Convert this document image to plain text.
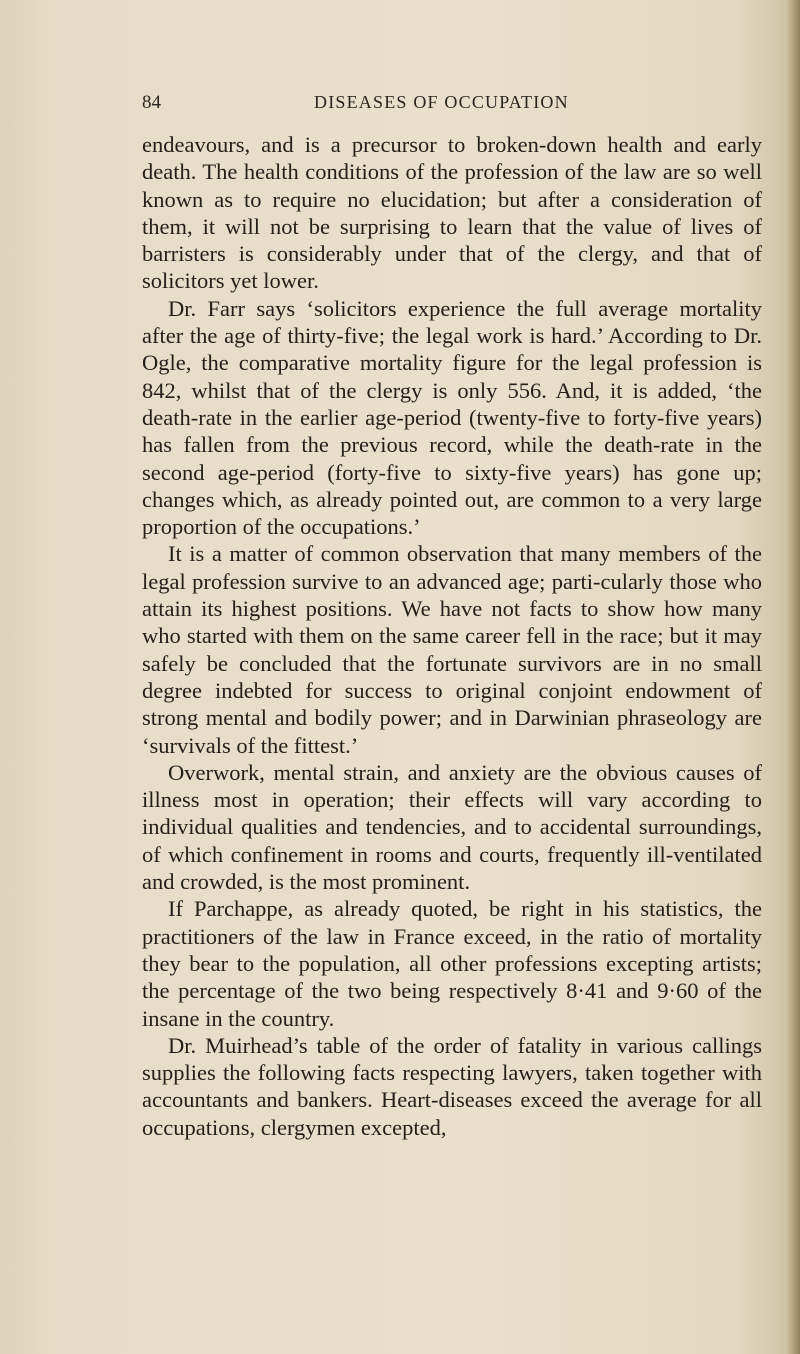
84	DISEASES OF OCCUPATION

endeavours, and is a precursor to broken-down health and early death. The health conditions of the profession of the law are so well known as to require no elucidation; but after a consideration of them, it will not be surprising to learn that the value of lives of barristers is considerably under that of the clergy, and that of solicitors yet lower.

Dr. Farr says ‘solicitors experience the full average mortality after the age of thirty-five; the legal work is hard.’ According to Dr. Ogle, the comparative mortality figure for the legal profession is 842, whilst that of the clergy is only 556. And, it is added, ‘the death-rate in the earlier age-period (twenty-five to forty-five years) has fallen from the previous record, while the death-rate in the second age-period (forty-five to sixty-five years) has gone up; changes which, as already pointed out, are common to a very large proportion of the occupations.’

It is a matter of common observation that many members of the legal profession survive to an advanced age; parti-cularly those who attain its highest positions. We have not facts to show how many who started with them on the same career fell in the race; but it may safely be concluded that the fortunate survivors are in no small degree indebted for success to original conjoint endowment of strong mental and bodily power; and in Darwinian phraseology are ‘survivals of the fittest.’

Overwork, mental strain, and anxiety are the obvious causes of illness most in operation; their effects will vary according to individual qualities and tendencies, and to accidental surroundings, of which confinement in rooms and courts, frequently ill-ventilated and crowded, is the most prominent.

If Parchappe, as already quoted, be right in his statistics, the practitioners of the law in France exceed, in the ratio of mortality they bear to the population, all other professions excepting artists; the percentage of the two being respectively 8·41 and 9·60 of the insane in the country.

Dr. Muirhead’s table of the order of fatality in various callings supplies the following facts respecting lawyers, taken together with accountants and bankers. Heart-diseases exceed the average for all occupations, clergymen excepted,
